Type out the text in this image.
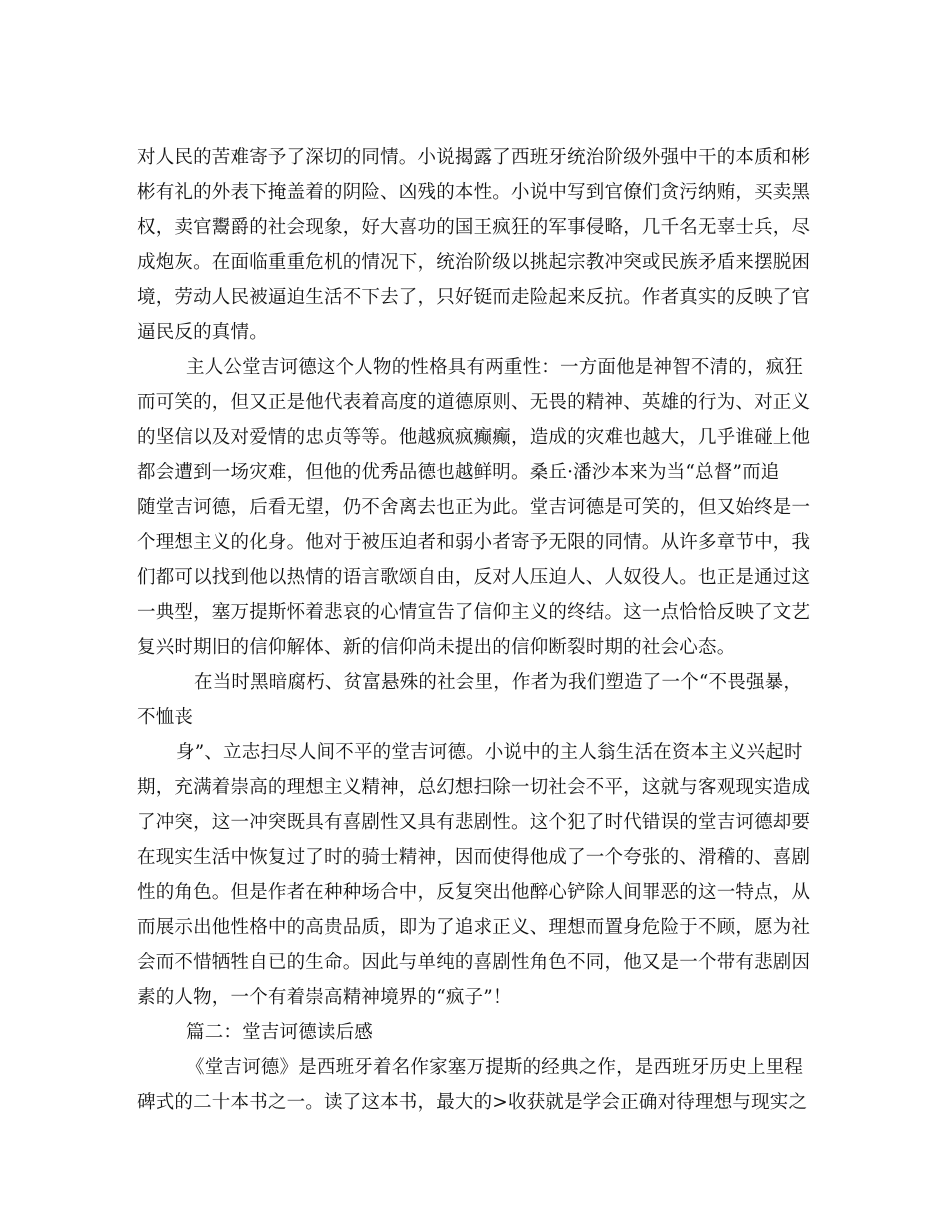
对人民的苦难寄予了深切的同情。小说揭露了西班牙统治阶级外强中干的本质和彬
彬有礼的外表下掩盖着的阴险、凶残的本性。小说中写到官僚们贪污纳贿，买卖黑
权，卖官鬻爵的社会现象，好大喜功的国王疯狂的军事侵略，几千名无辜士兵，尽
成炮灰。在面临重重危机的情况下，统治阶级以挑起宗教冲突或民族矛盾来摆脱困
境，劳动人民被逼迫生活不下去了，只好铤而走险起来反抗。作者真实的反映了官
逼民反的真情。
主人公堂吉诃德这个人物的性格具有两重性：一方面他是神智不清的，疯狂
而可笑的，但又正是他代表着高度的道德原则、无畏的精神、英雄的行为、对正义
的坚信以及对爱情的忠贞等等。他越疯疯癫癫，造成的灾难也越大，几乎谁碰上他
都会遭到一场灾难，但他的优秀品德也越鲜明。桑丘·潘沙本来为当“总督”而追
随堂吉诃德，后看无望，仍不舍离去也正为此。堂吉诃德是可笑的，但又始终是一
个理想主义的化身。他对于被压迫者和弱小者寄予无限的同情。从许多章节中，我
们都可以找到他以热情的语言歌颂自由，反对人压迫人、人奴役人。也正是通过这
一典型，塞万提斯怀着悲哀的心情宣告了信仰主义的终结。这一点恰恰反映了文艺
复兴时期旧的信仰解体、新的信仰尚未提出的信仰断裂时期的社会心态。
在当时黑暗腐朽、贫富悬殊的社会里，作者为我们塑造了一个“不畏强暴，
不恤丧
身”、立志扫尽人间不平的堂吉诃德。小说中的主人翁生活在资本主义兴起时
期，充满着崇高的理想主义精神，总幻想扫除一切社会不平，这就与客观现实造成
了冲突，这一冲突既具有喜剧性又具有悲剧性。这个犯了时代错误的堂吉诃德却要
在现实生活中恢复过了时的骑士精神，因而使得他成了一个夸张的、滑稽的、喜剧
性的角色。但是作者在种种场合中，反复突出他醉心铲除人间罪恶的这一特点，从
而展示出他性格中的高贵品质，即为了追求正义、理想而置身危险于不顾，愿为社
会而不惜牺牲自已的生命。因此与单纯的喜剧性角色不同，他又是一个带有悲剧因
素的人物，一个有着崇高精神境界的“疯子”！
篇二：堂吉诃德读后感
《堂吉诃德》是西班牙着名作家塞万提斯的经典之作，是西班牙历史上里程
碑式的二十本书之一。读了这本书，最大的>收获就是学会正确对待理想与现实之
